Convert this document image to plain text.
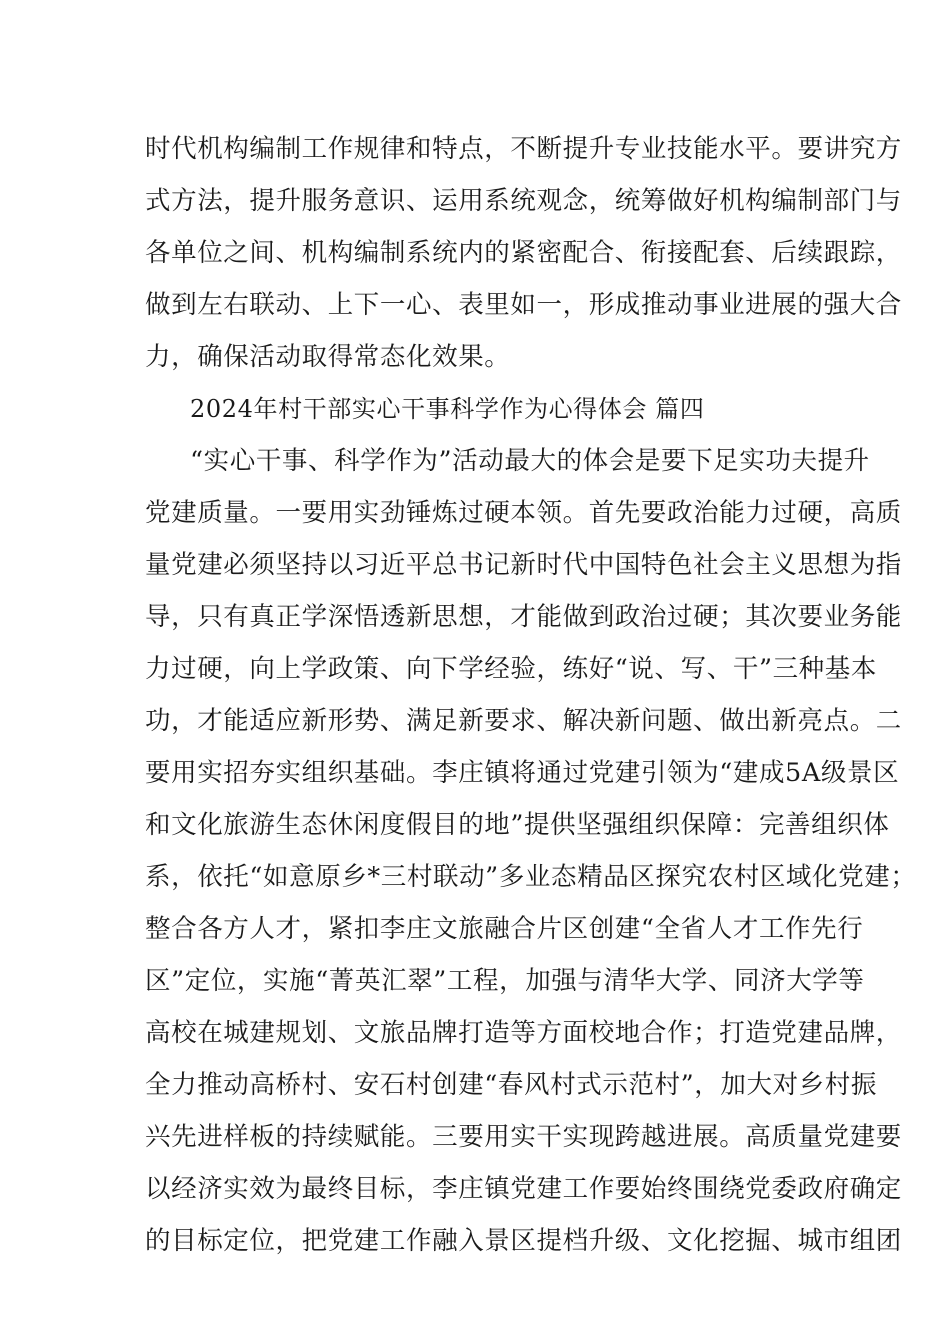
时代机构编制工作规律和特点，不断提升专业技能水平。要讲究方
式方法，提升服务意识、运用系统观念，统筹做好机构编制部门与
各单位之间、机构编制系统内的紧密配合、衔接配套、后续跟踪，
做到左右联动、上下一心、表里如一，形成推动事业进展的强大合
力，确保活动取得常态化效果。
2024年村干部实心干事科学作为心得体会 篇四
“实心干事、科学作为”活动最大的体会是要下足实功夫提升
党建质量。一要用实劲锤炼过硬本领。首先要政治能力过硬，高质
量党建必须坚持以习近平总书记新时代中国特色社会主义思想为指
导，只有真正学深悟透新思想，才能做到政治过硬；其次要业务能
力过硬，向上学政策、向下学经验，练好“说、写、干”三种基本
功，才能适应新形势、满足新要求、解决新问题、做出新亮点。二
要用实招夯实组织基础。李庄镇将通过党建引领为“建成5A级景区
和文化旅游生态休闲度假目的地”提供坚强组织保障：完善组织体
系，依托“如意原乡*三村联动”多业态精品区探究农村区域化党建；
整合各方人才，紧扣李庄文旅融合片区创建“全省人才工作先行
区”定位，实施“菁英汇翠”工程，加强与清华大学、同济大学等
高校在城建规划、文旅品牌打造等方面校地合作；打造党建品牌，
全力推动高桥村、安石村创建“春风村式示范村”，加大对乡村振
兴先进样板的持续赋能。三要用实干实现跨越进展。高质量党建要
以经济实效为最终目标，李庄镇党建工作要始终围绕党委政府确定
的目标定位，把党建工作融入景区提档升级、文化挖掘、城市组团
